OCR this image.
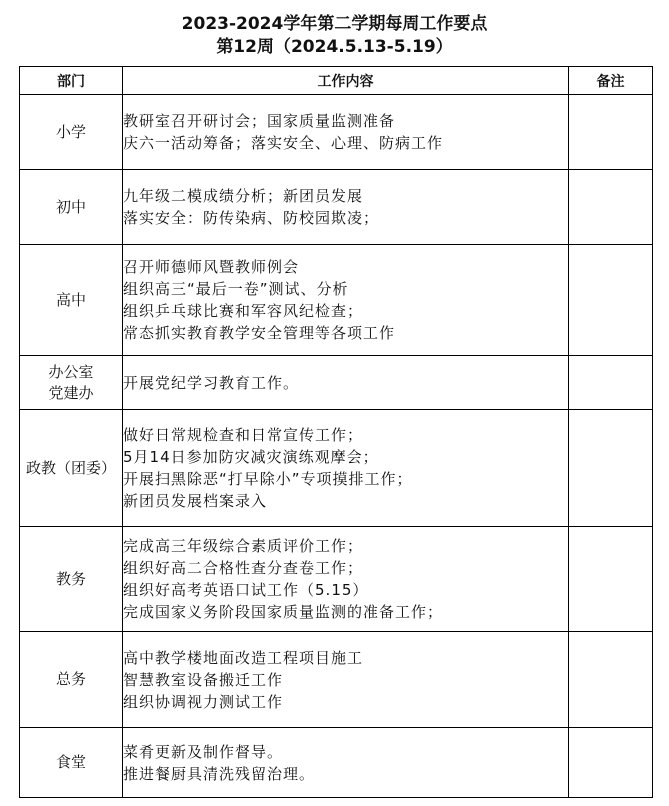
2023-2024学年第二学期每周工作要点
第12周（2024.5.13-5.19）
部门	工作内容	备注

小学	教研室召开研讨会；国家质量监测准备
庆六一活动筹备；落实安全、心理、防病工作	

初中	九年级二模成绩分析；新团员发展
落实安全：防传染病、防校园欺凌；	

高中	召开师德师风暨教师例会
组织高三“最后一卷”测试、分析
组织乒乓球比赛和军容风纪检查；
常态抓实教育教学安全管理等各项工作	

办公室
党建办	开展党纪学习教育工作。	

政教（团委）	做好日常规检查和日常宣传工作；
5月14日参加防灾减灾演练观摩会；
开展扫黑除恶“打早除小”专项摸排工作；
新团员发展档案录入	

教务	完成高三年级综合素质评价工作；
组织好高二合格性查分查卷工作；
组织好高考英语口试工作（5.15）
完成国家义务阶段国家质量监测的准备工作；	

总务	高中教学楼地面改造工程项目施工
智慧教室设备搬迁工作
组织协调视力测试工作	

食堂	菜肴更新及制作督导。
推进餐厨具清洗残留治理。	
